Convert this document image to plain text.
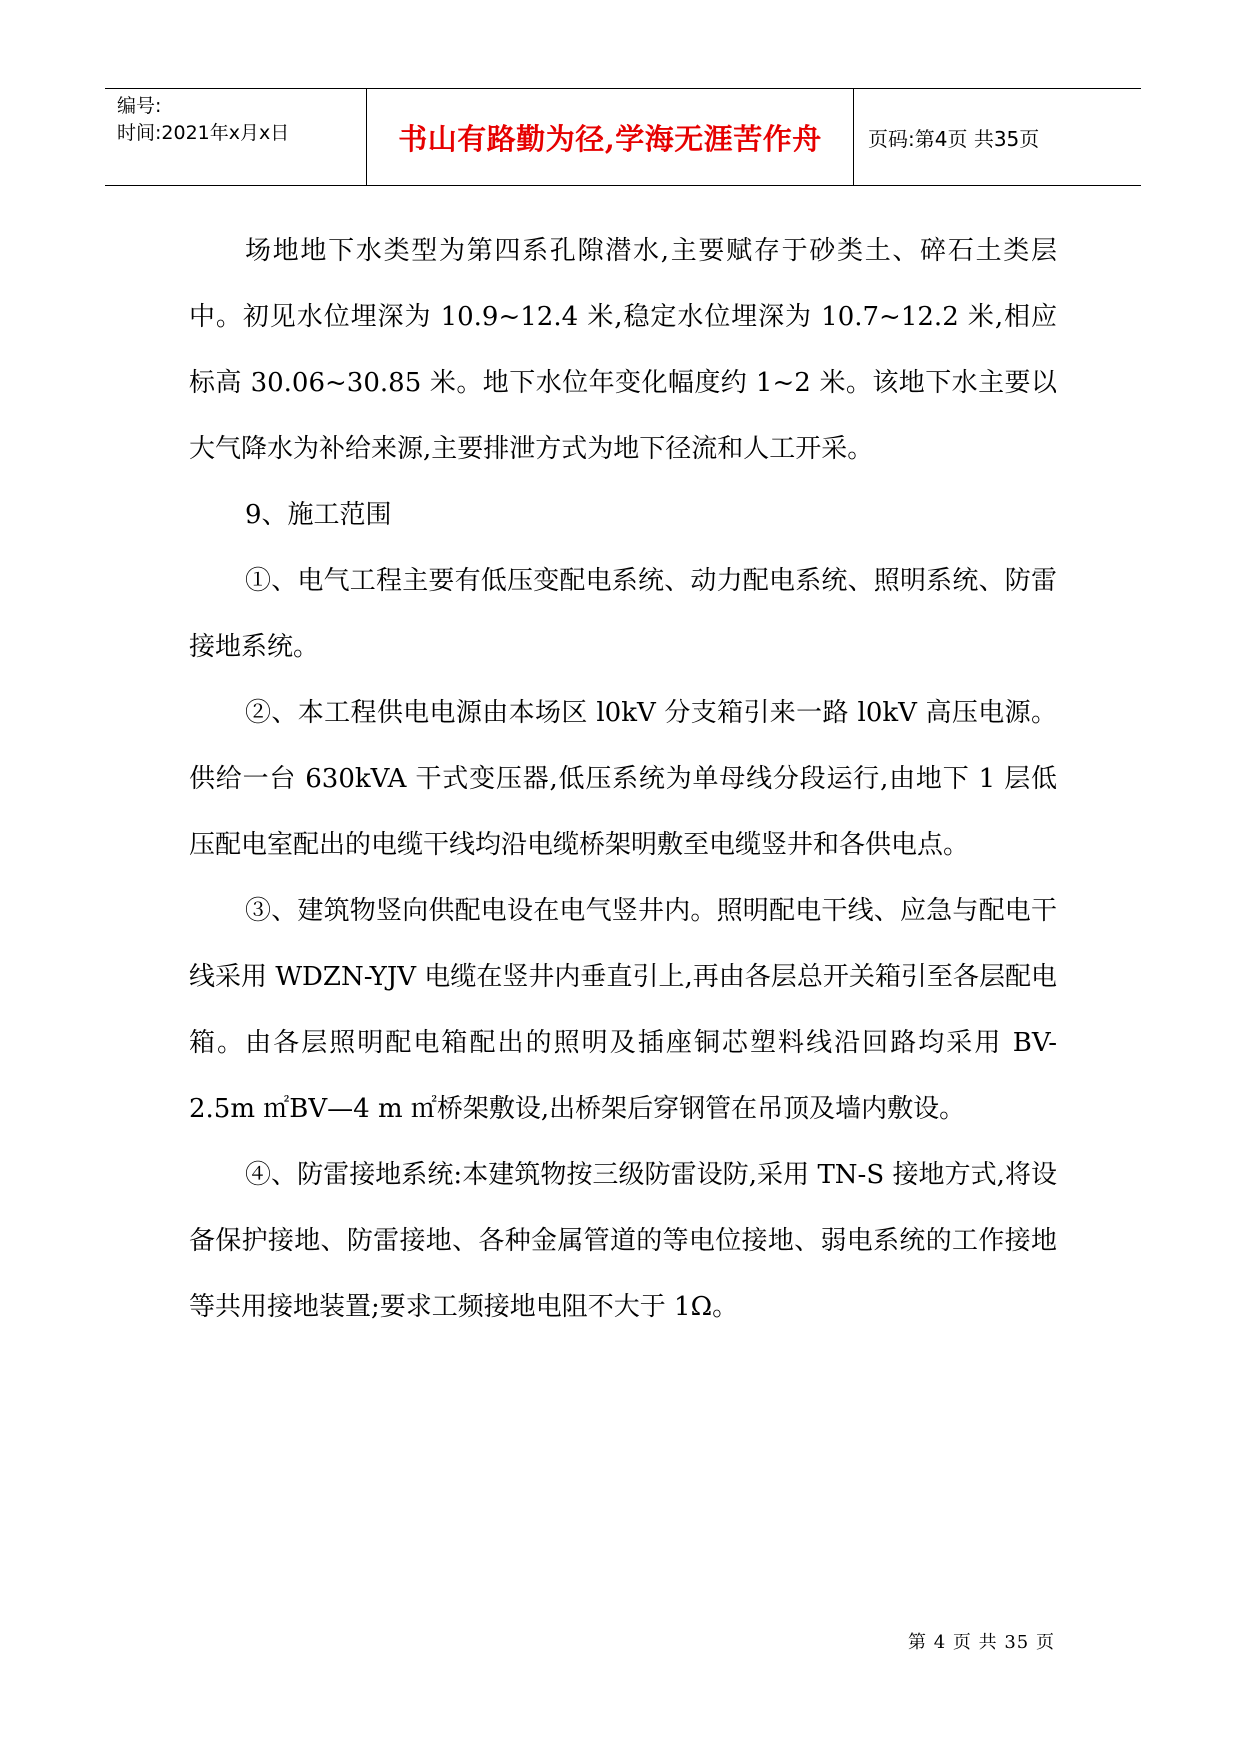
编号:
时间:2021年x月x日	书山有路勤为径,学海无涯苦作舟	页码:第4页 共35页

场地地下水类型为第四系孔隙潜水,主要赋存于砂类土、碎石土类层中。初见水位埋深为 10.9~12.4 米,稳定水位埋深为 10.7~12.2 米,相应标高 30.06~30.85 米。地下水位年变化幅度约 1~2 米。该地下水主要以大气降水为补给来源,主要排泄方式为地下径流和人工开采。

9、施工范围

①、电气工程主要有低压变配电系统、动力配电系统、照明系统、防雷接地系统。

②、本工程供电电源由本场区 l0kV 分支箱引来一路 l0kV 高压电源。供给一台 630kVA 干式变压器,低压系统为单母线分段运行,由地下 1 层低压配电室配出的电缆干线均沿电缆桥架明敷至电缆竖井和各供电点。

③、建筑物竖向供配电设在电气竖井内。照明配电干线、应急与配电干线采用 WDZN-YJV 电缆在竖井内垂直引上,再由各层总开关箱引至各层配电箱。由各层照明配电箱配出的照明及插座铜芯塑料线沿回路均采用 BV-2.5m ㎡BV—4 m ㎡桥架敷设,出桥架后穿钢管在吊顶及墙内敷设。

④、防雷接地系统:本建筑物按三级防雷设防,采用 TN-S 接地方式,将设备保护接地、防雷接地、各种金属管道的等电位接地、弱电系统的工作接地等共用接地装置;要求工频接地电阻不大于 1Ω。

第 4 页 共 35 页
